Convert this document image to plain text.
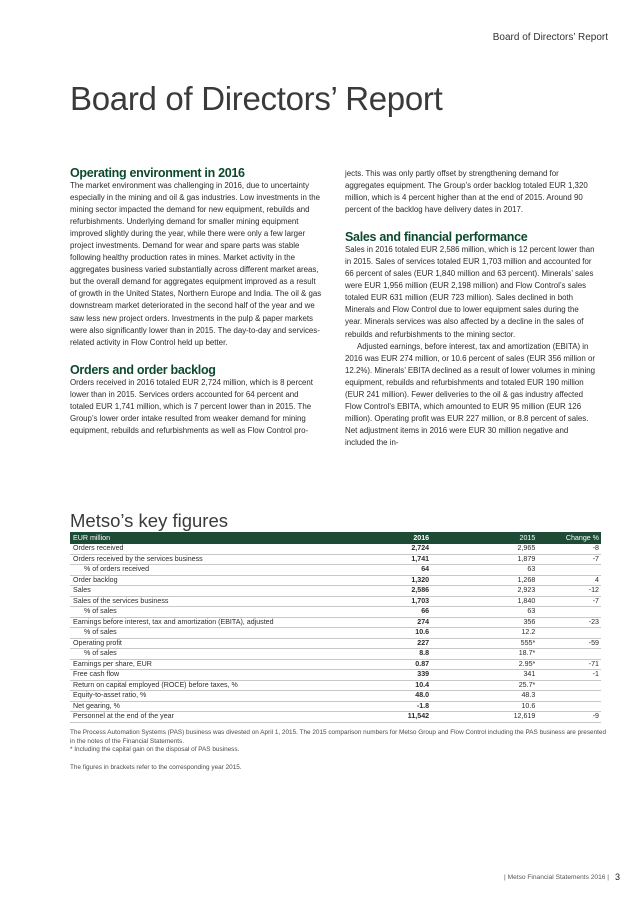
Board of Directors’ Report
Board of Directors’ Report
Operating environment in 2016

The market environment was challenging in 2016, due to uncertainty especially in the mining and oil & gas industries. Low investments in the mining sector impacted the demand for new equipment, rebuilds and refurbishments. Underlying demand for smaller mining equipment improved slightly during the year, while there were only a few larger project investments. Demand for wear and spare parts was stable following healthy production rates in mines. Market activity in the aggregates business varied substantially across different market areas, but the overall demand for aggregates equipment improved as a result of growth in the United States, Northern Europe and India. The oil & gas downstream market deteriorated in the second half of the year and we saw less new project orders. Investments in the pulp & paper markets were also significantly lower than in 2015. The day-to-day and services-related activity in Flow Control held up better.

Orders and order backlog

Orders received in 2016 totaled EUR 2,724 million, which is 8 percent lower than in 2015. Services orders accounted for 64 percent and totaled EUR 1,741 million, which is 7 percent lower than in 2015. The Group’s lower order intake resulted from weaker demand for mining equipment, rebuilds and refurbishments as well as Flow Control pro-

jects. This was only partly offset by strengthening demand for aggregates equipment. The Group’s order backlog totaled EUR 1,320 million, which is 4 percent higher than at the end of 2015. Around 90 percent of the backlog have delivery dates in 2017.

Sales and financial performance

Sales in 2016 totaled EUR 2,586 million, which is 12 percent lower than in 2015. Sales of services totaled EUR 1,703 million and accounted for 66 percent of sales (EUR 1,840 million and 63 percent). Minerals’ sales were EUR 1,956 million (EUR 2,198 million) and Flow Control’s sales totaled EUR 631 million (EUR 723 million). Sales declined in both Minerals and Flow Control due to lower equipment sales during the year. Minerals services was also affected by a decline in the sales of rebuilds and refurbishments to the mining sector.

Adjusted earnings, before interest, tax and amortization (EBITA) in 2016 was EUR 274 million, or 10.6 percent of sales (EUR 356 million or 12.2%). Minerals’ EBITA declined as a result of lower volumes in mining equipment, rebuilds and refurbishments and totaled EUR 190 million (EUR 241 million). Fewer deliveries to the oil & gas industry affected Flow Control’s EBITA, which amounted to EUR 95 million (EUR 126 million). Operating profit was EUR 227 million, or 8.8 percent of sales. Net adjustment items in 2016 were EUR 30 million negative and included the in-

Metso’s key figures
EUR million	2016	2015	Change %
Orders received	2,724	2,965	-8
Orders received by the services business	1,741	1,879	-7
% of orders received	64	63	
Order backlog	1,320	1,268	4
Sales	2,586	2,923	-12
Sales of the services business	1,703	1,840	-7
% of sales	66	63	
Earnings before interest, tax and amortization (EBITA), adjusted	274	356	-23
% of sales	10.6	12.2	
Operating profit	227	555*	-59
% of sales	8.8	18.7*	
Earnings per share, EUR	0.87	2.95*	-71
Free cash flow	339	341	-1
Return on capital employed (ROCE) before taxes, %	10.4	25.7*	
Equity-to-asset ratio, %	48.0	48.3	
Net gearing, %	-1.8	10.6	
Personnel at the end of the year	11,542	12,619	-9

The Process Automation Systems (PAS) business was divested on April 1, 2015. The 2015 comparison numbers for Metso Group and Flow Control including the PAS business are presented in the notes of the Financial Statements.

* Including the capital gain on the disposal of PAS business.

The figures in brackets refer to the corresponding year 2015.

| Metso Financial Statements 2016 | 3
